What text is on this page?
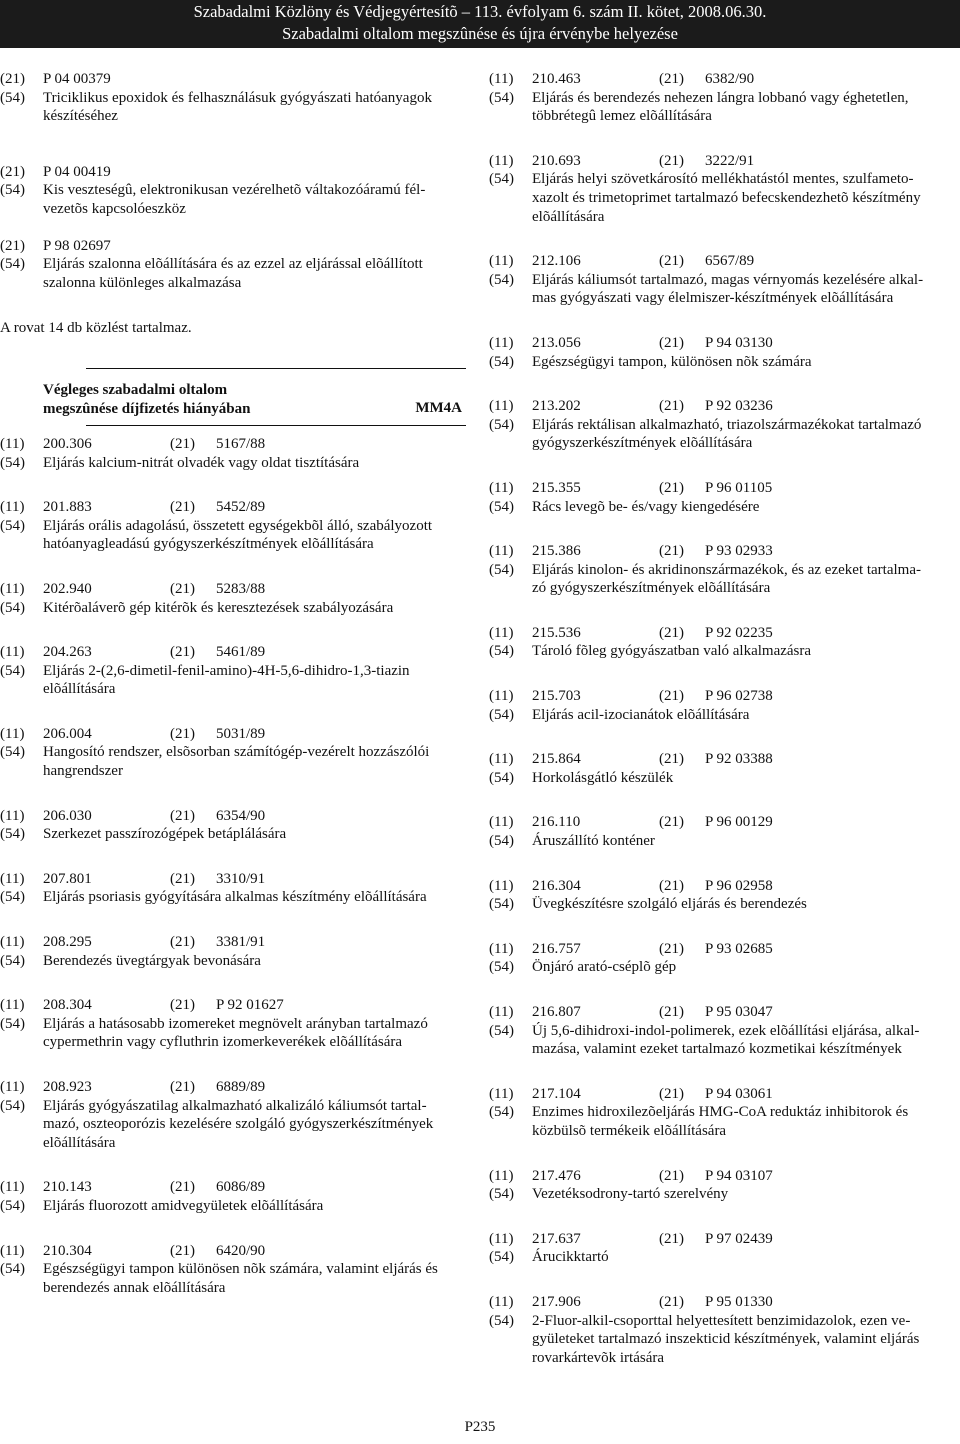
Szabadalmi Közlöny és Védjegyértesítõ – 113. évfolyam 6. szám II. kötet, 2008.06.30.
Szabadalmi oltalom megszûnése és újra érvénybe helyezése
(21)	P 04 00379
(54)	Triciklikus epoxidok és felhasználásuk gyógyászati hatóanyagok
készítéséhez
(21)	P 04 00419
(54)	Kis veszteségû, elektronikusan vezérelhetõ váltakozóáramú fél-
vezetõs kapcsolóeszköz
(21)	P 98 02697
(54)	Eljárás szalonna elõállítására és az ezzel az eljárással elõállított
szalonna különleges alkalmazása
A rovat 14 db közlést tartalmaz.
Végleges szabadalmi oltalom
megszûnése díjfizetés hiányában	MM4A
(11)	200.306	(21) 5167/88
(54)	Eljárás kalcium-nitrát olvadék vagy oldat tisztítására
(11)	201.883	(21) 5452/89
(54)	Eljárás orális adagolású, összetett egységekbõl álló, szabályozott
hatóanyagleadású gyógyszerkészítmények elõállítására
(11)	202.940	(21) 5283/88
(54)	Kitérõaláverõ gép kitérõk és keresztezések szabályozására
(11)	204.263	(21) 5461/89
(54)	Eljárás 2-(2,6-dimetil-fenil-amino)-4H-5,6-dihidro-1,3-tiazin
elõállítására
(11)	206.004	(21) 5031/89
(54)	Hangosító rendszer, elsõsorban számítógép-vezérelt hozzászólói
hangrendszer
(11)	206.030	(21) 6354/90
(54)	Szerkezet passzírozógépek betáplálására
(11)	207.801	(21) 3310/91
(54)	Eljárás psoriasis gyógyítására alkalmas készítmény elõállítására
(11)	208.295	(21) 3381/91
(54)	Berendezés üvegtárgyak bevonására
(11)	208.304	(21) P 92 01627
(54)	Eljárás a hatásosabb izomereket megnövelt arányban tartalmazó
cypermethrin vagy cyfluthrin izomerkeverékek elõállítására
(11)	208.923	(21) 6889/89
(54)	Eljárás gyógyászatilag alkalmazható alkalizáló káliumsót tartal-
mazó, oszteoporózis kezelésére szolgáló gyógyszerkészítmények
elõállítására
(11)	210.143	(21) 6086/89
(54)	Eljárás fluorozott amidvegyületek elõállítására
(11)	210.304	(21) 6420/90
(54)	Egészségügyi tampon különösen nõk számára, valamint eljárás és
berendezés annak elõállítására
(11)	210.463	(21) 6382/90
(54)	Eljárás és berendezés nehezen lángra lobbanó vagy éghetetlen,
többrétegû lemez elõállítására
(11)	210.693	(21) 3222/91
(54)	Eljárás helyi szövetkárosító mellékhatástól mentes, szulfameto-
xazolt és trimetoprimet tartalmazó befecskendezhetõ készítmény
elõállítására
(11)	212.106	(21) 6567/89
(54)	Eljárás káliumsót tartalmazó, magas vérnyomás kezelésére alkal-
mas gyógyászati vagy élelmiszer-készítmények elõállítására
(11)	213.056	(21) P 94 03130
(54)	Egészségügyi tampon, különösen nõk számára
(11)	213.202	(21) P 92 03236
(54)	Eljárás rektálisan alkalmazható, triazolszármazékokat tartalmazó
gyógyszerkészítmények elõállítására
(11)	215.355	(21) P 96 01105
(54)	Rács levegõ be- és/vagy kiengedésére
(11)	215.386	(21) P 93 02933
(54)	Eljárás kinolon- és akridinonszármazékok, és az ezeket tartalma-
zó gyógyszerkészítmények elõállítására
(11)	215.536	(21) P 92 02235
(54)	Tároló fõleg gyógyászatban való alkalmazásra
(11)	215.703	(21) P 96 02738
(54)	Eljárás acil-izocianátok elõállítására
(11)	215.864	(21) P 92 03388
(54)	Horkolásgátló készülék
(11)	216.110	(21) P 96 00129
(54)	Áruszállító konténer
(11)	216.304	(21) P 96 02958
(54)	Üvegkészítésre szolgáló eljárás és berendezés
(11)	216.757	(21) P 93 02685
(54)	Önjáró arató-cséplõ gép
(11)	216.807	(21) P 95 03047
(54)	Új 5,6-dihidroxi-indol-polimerek, ezek elõállítási eljárása, alkal-
mazása, valamint ezeket tartalmazó kozmetikai készítmények
(11)	217.104	(21) P 94 03061
(54)	Enzimes hidroxilezõeljárás HMG-CoA reduktáz inhibitorok és
közbülsõ termékeik elõállítására
(11)	217.476	(21) P 94 03107
(54)	Vezetéksodrony-tartó szerelvény
(11)	217.637	(21) P 97 02439
(54)	Árucikktartó
(11)	217.906	(21) P 95 01330
(54)	2-Fluor-alkil-csoporttal helyettesített benzimidazolok, ezen ve-
gyületeket tartalmazó inszekticid készítmények, valamint eljárás
rovarkártevõk irtására
P235
